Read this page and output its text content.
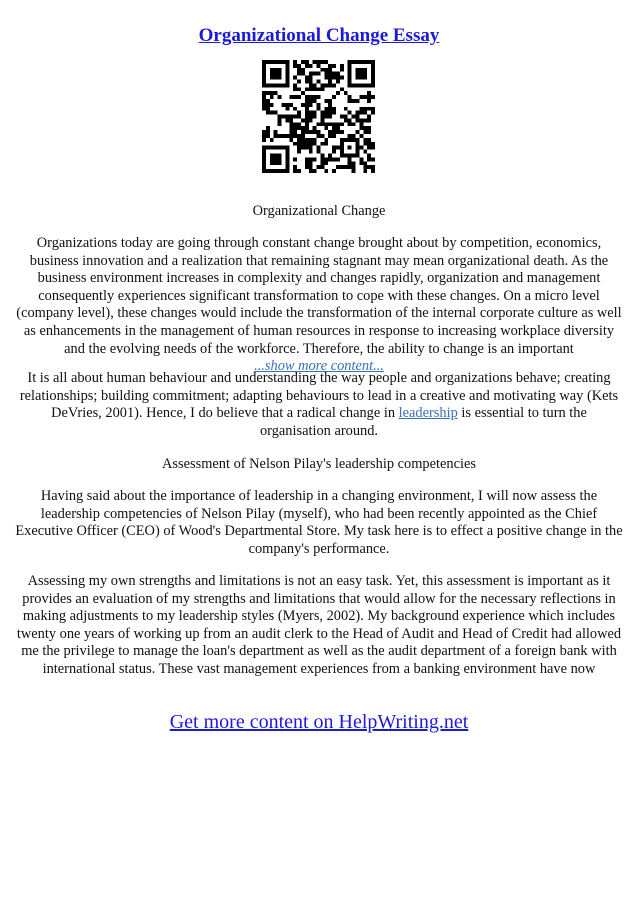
Organizational Change Essay

Organizational Change

Organizations today are going through constant change brought about by competition, economics, business innovation and a realization that remaining stagnant may mean organizational death. As the business environment increases in complexity and changes rapidly, organization and management consequently experiences significant transformation to cope with these changes. On a micro level (company level), these changes would include the transformation of the internal corporate culture as well as enhancements in the management of human resources in response to increasing workplace diversity and the evolving needs of the workforce. Therefore, the ability to change is an important
...show more content...

It is all about human behaviour and understanding the way people and organizations behave; creating relationships; building commitment; adapting behaviours to lead in a creative and motivating way (Kets DeVries, 2001). Hence, I do believe that a radical change in leadership is essential to turn the organisation around.

Assessment of Nelson Pilay's leadership competencies

Having said about the importance of leadership in a changing environment, I will now assess the leadership competencies of Nelson Pilay (myself), who had been recently appointed as the Chief Executive Officer (CEO) of Wood's Departmental Store. My task here is to effect a positive change in the company's performance.

Assessing my own strengths and limitations is not an easy task. Yet, this assessment is important as it provides an evaluation of my strengths and limitations that would allow for the necessary reflections in making adjustments to my leadership styles (Myers, 2002). My background experience which includes twenty one years of working up from an audit clerk to the Head of Audit and Head of Credit had allowed me the privilege to manage the loan's department as well as the audit department of a foreign bank with international status. These vast management experiences from a banking environment have now

Get more content on HelpWriting.net
